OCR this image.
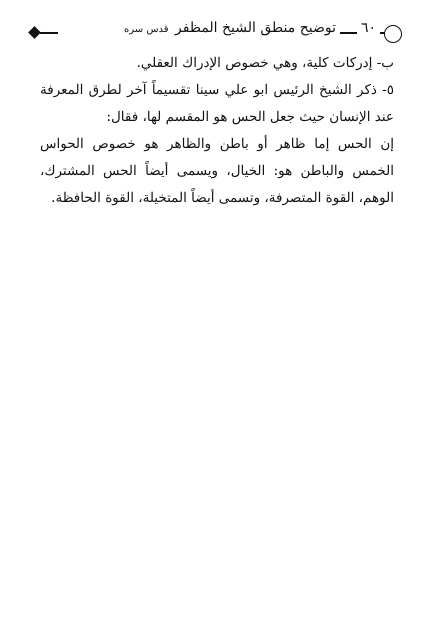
٦٠
توضيح منطق الشيخ المظفر قدس سره

ب- إدركات كلية، وهي خصوص الإدراك العقلي.

٥- ذكر الشيخ الرئيس ابو علي سينا تقسيماً آخر لطرق المعرفة عند الإنسان حيث جعل الحس هو المقسم لها، فقال:

إن الحس إما ظاهر أو باطن والظاهر هو خصوص الحواس الخمس والباطن هو: الخيال، ويسمى أيضاً الحس المشترك، الوهم، القوة المتصرفة، وتسمى أيضاً المتخيلة، القوة الحافظة.
